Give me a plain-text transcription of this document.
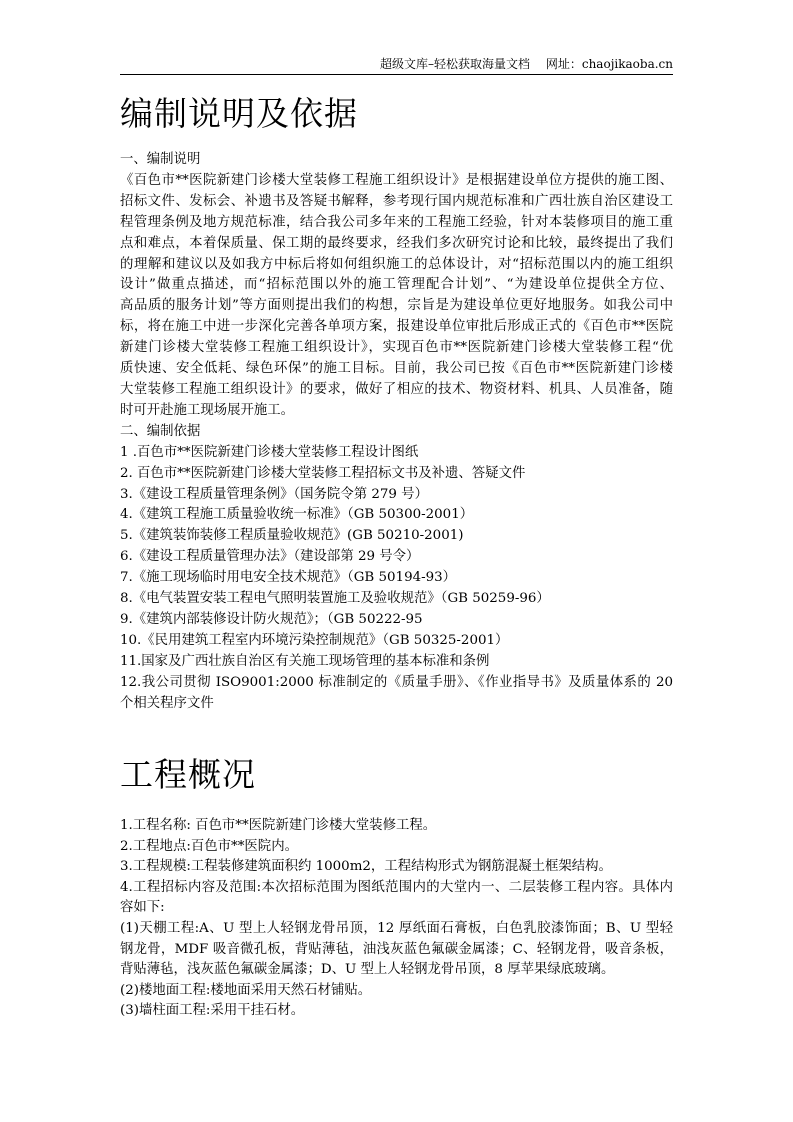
超级文库–轻松获取海量文档　 网址：chaojikaoba.cn
编制说明及依据
一、编制说明
《百色市**医院新建门诊楼大堂装修工程施工组织设计》是根据建设单位方提供的施工图、
招标文件、发标会、补遗书及答疑书解释，参考现行国内规范标准和广西壮族自治区建设工
程管理条例及地方规范标准，结合我公司多年来的工程施工经验，针对本装修项目的施工重
点和难点，本着保质量、保工期的最终要求，经我们多次研究讨论和比较，最终提出了我们
的理解和建议以及如我方中标后将如何组织施工的总体设计，对“招标范围以内的施工组织
设计”做重点描述，而“招标范围以外的施工管理配合计划”、“为建设单位提供全方位、
高品质的服务计划”等方面则提出我们的构想，宗旨是为建设单位更好地服务。如我公司中
标，将在施工中进一步深化完善各单项方案，报建设单位审批后形成正式的《百色市**医院
新建门诊楼大堂装修工程施工组织设计》，实现百色市**医院新建门诊楼大堂装修工程“优
质快速、安全低耗、绿色环保”的施工目标。目前，我公司已按《百色市**医院新建门诊楼
大堂装修工程施工组织设计》的要求，做好了相应的技术、物资材料、机具、人员准备，随
时可开赴施工现场展开施工。
二、编制依据
1 .百色市**医院新建门诊楼大堂装修工程设计图纸
2. 百色市**医院新建门诊楼大堂装修工程招标文书及补遗、答疑文件
3.《建设工程质量管理条例》（国务院令第 279 号）
4.《建筑工程施工质量验收统一标准》（GB 50300-2001）
5.《建筑装饰装修工程质量验收规范》(GB 50210-2001)
6.《建设工程质量管理办法》（建设部第 29 号令）
7.《施工现场临时用电安全技术规范》（GB 50194-93）
8.《电气装置安装工程电气照明装置施工及验收规范》（GB 50259-96）
9.《建筑内部装修设计防火规范》；（GB 50222-95
10.《民用建筑工程室内环境污染控制规范》（GB 50325-2001）
11.国家及广西壮族自治区有关施工现场管理的基本标准和条例
12.我公司贯彻 ISO9001:2000 标准制定的《质量手册》、《作业指导书》及质量体系的 20
个相关程序文件
工程概况
1.工程名称: 百色市**医院新建门诊楼大堂装修工程。
2.工程地点:百色市**医院内。
3.工程规模:工程装修建筑面积约 1000m2，工程结构形式为钢筋混凝土框架结构。
4.工程招标内容及范围:本次招标范围为图纸范围内的大堂内一、二层装修工程内容。具体内
容如下:
(1)天棚工程:A、U 型上人轻钢龙骨吊顶，12 厚纸面石膏板，白色乳胶漆饰面；B、U 型轻
钢龙骨，MDF 吸音微孔板，背贴薄毡，油浅灰蓝色氟碳金属漆；C、轻钢龙骨，吸音条板，
背贴薄毡，浅灰蓝色氟碳金属漆；D、U 型上人轻钢龙骨吊顶，8 厚苹果绿底玻璃。
(2)楼地面工程:楼地面采用天然石材铺贴。
(3)墙柱面工程:采用干挂石材。
